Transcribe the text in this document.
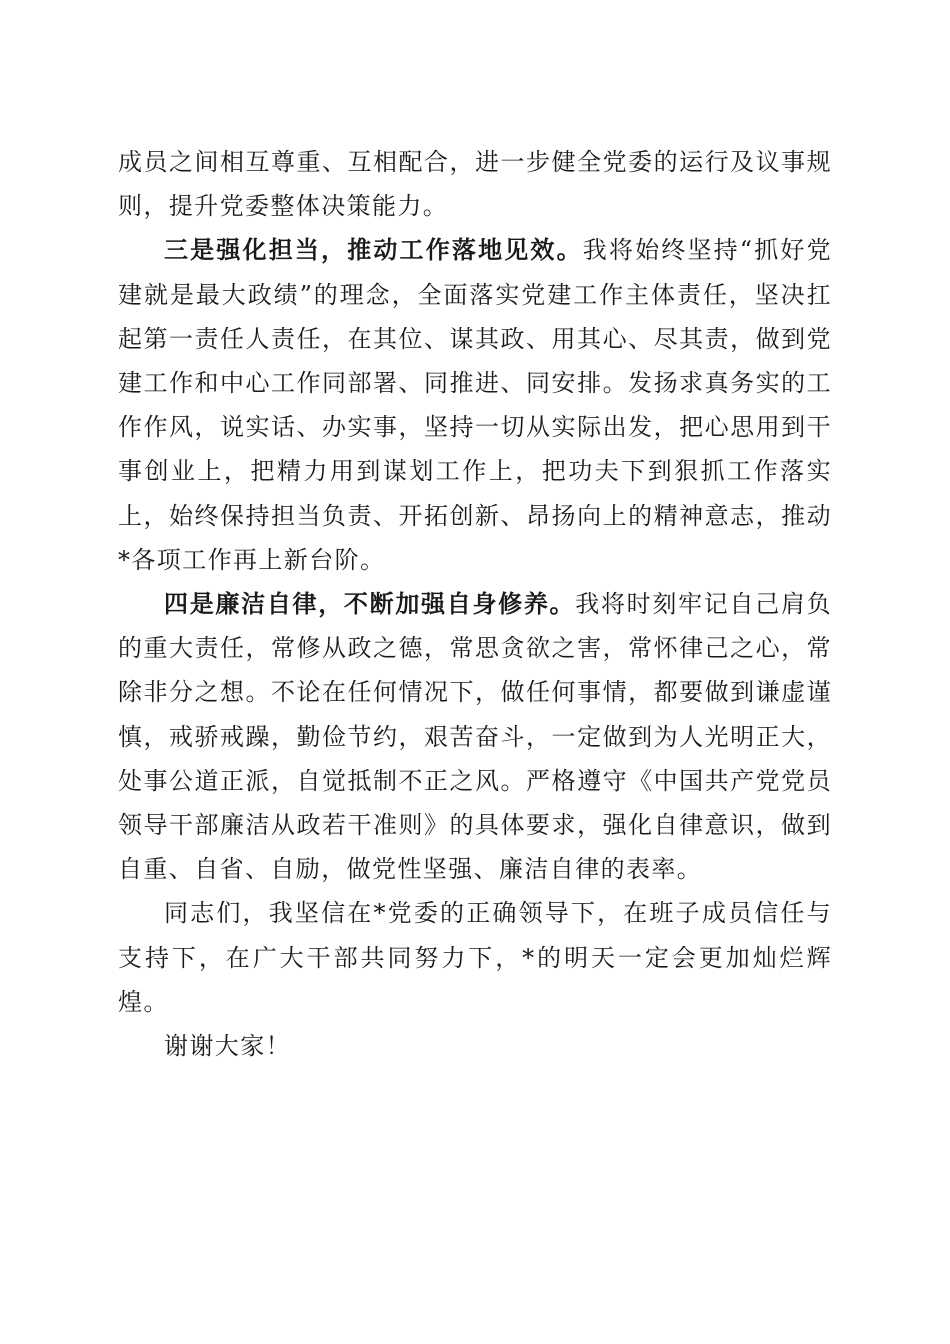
成员之间相互尊重、互相配合，进一步健全党委的运行及议事规则，提升党委整体决策能力。

三是强化担当，推动工作落地见效。我将始终坚持“抓好党建就是最大政绩”的理念，全面落实党建工作主体责任，坚决扛起第一责任人责任，在其位、谋其政、用其心、尽其责，做到党建工作和中心工作同部署、同推进、同安排。发扬求真务实的工作作风，说实话、办实事，坚持一切从实际出发，把心思用到干事创业上，把精力用到谋划工作上，把功夫下到狠抓工作落实上，始终保持担当负责、开拓创新、昂扬向上的精神意志，推动*各项工作再上新台阶。

四是廉洁自律，不断加强自身修养。我将时刻牢记自己肩负的重大责任，常修从政之德，常思贪欲之害，常怀律己之心，常除非分之想。不论在任何情况下，做任何事情，都要做到谦虚谨慎，戒骄戒躁，勤俭节约，艰苦奋斗，一定做到为人光明正大，处事公道正派，自觉抵制不正之风。严格遵守《中国共产党党员领导干部廉洁从政若干准则》的具体要求，强化自律意识，做到自重、自省、自励，做党性坚强、廉洁自律的表率。

同志们，我坚信在*党委的正确领导下，在班子成员信任与支持下，在广大干部共同努力下，*的明天一定会更加灿烂辉煌。

谢谢大家！
